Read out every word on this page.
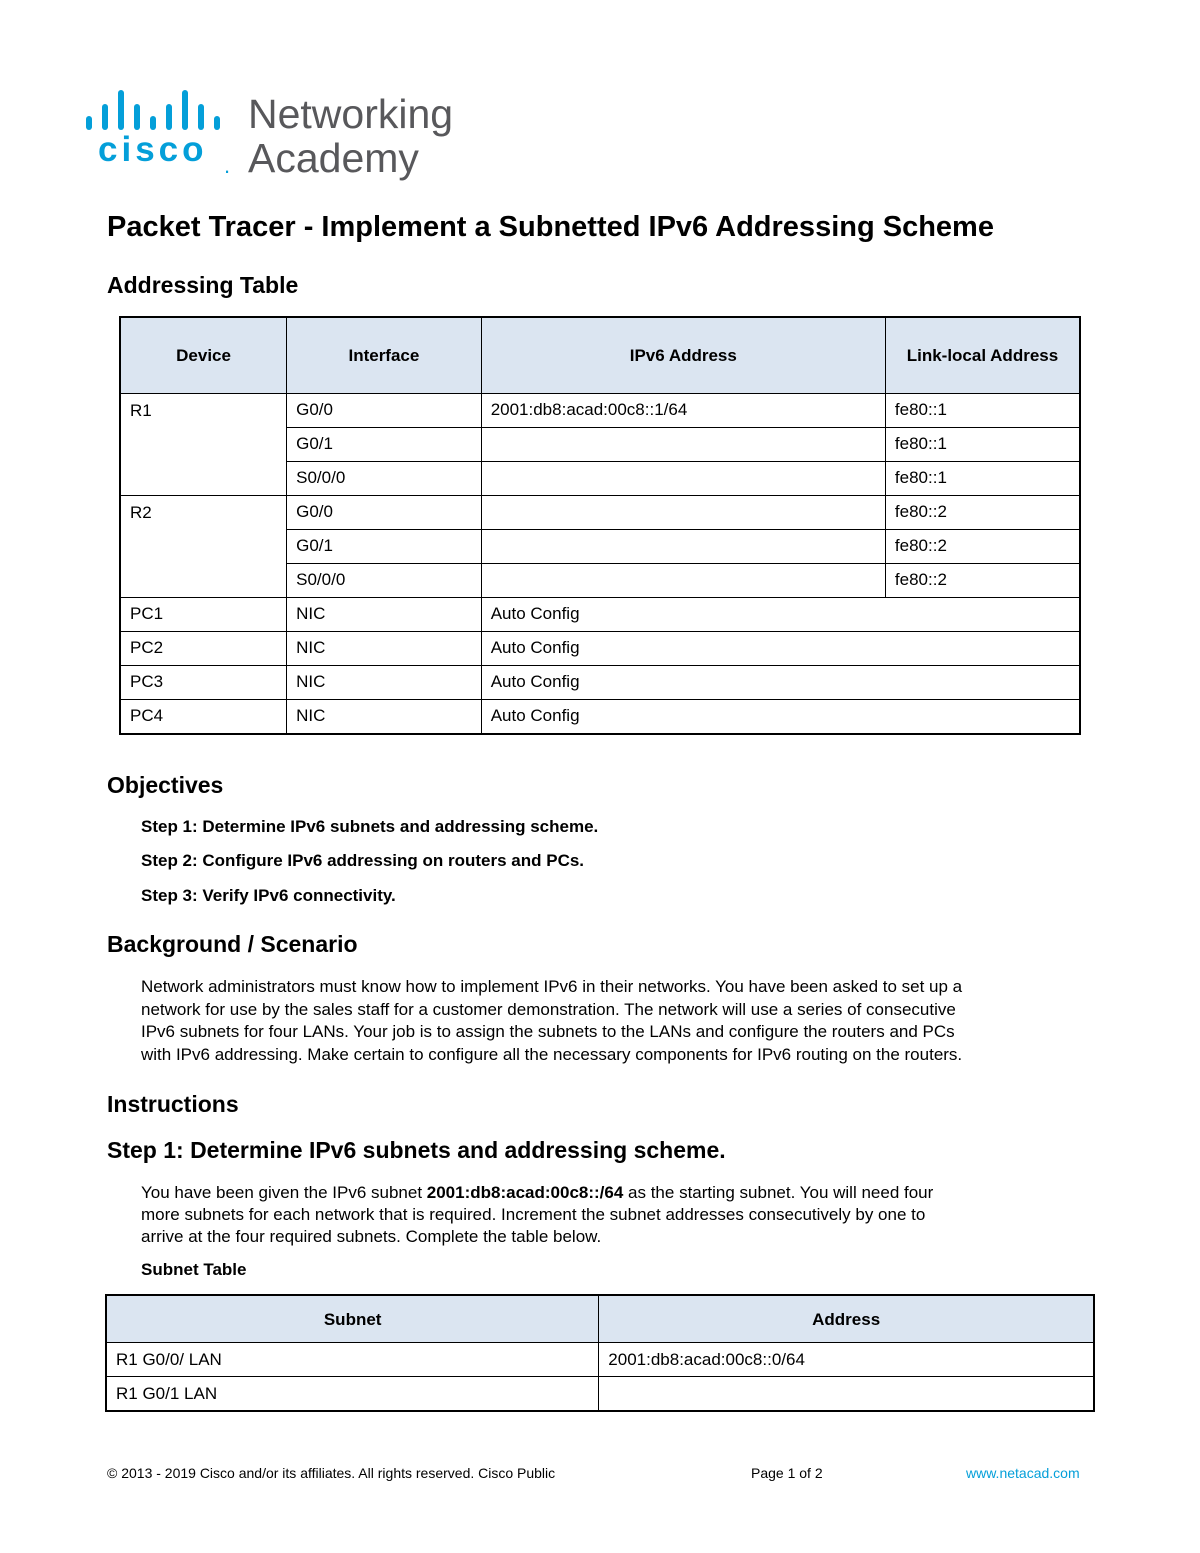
cisco .
Networking
Academy
Packet Tracer - Implement a Subnetted IPv6 Addressing Scheme
Addressing Table
Device	Interface	IPv6 Address	Link-local Address
R1	G0/0	2001:db8:acad:00c8::1/64	fe80::1
	G0/1		fe80::1
	S0/0/0		fe80::1
R2	G0/0		fe80::2
	G0/1		fe80::2
	S0/0/0		fe80::2
PC1	NIC	Auto Config	
PC2	NIC	Auto Config	
PC3	NIC	Auto Config	
PC4	NIC	Auto Config	
Objectives

Step 1: Determine IPv6 subnets and addressing scheme.

Step 2: Configure IPv6 addressing on routers and PCs.

Step 3: Verify IPv6 connectivity.

Background / Scenario

Network administrators must know how to implement IPv6 in their networks. You have been asked to set up a

network for use by the sales staff for a customer demonstration. The network will use a series of consecutive

IPv6 subnets for four LANs. Your job is to assign the subnets to the LANs and configure the routers and PCs

with IPv6 addressing. Make certain to configure all the necessary components for IPv6 routing on the routers.

Instructions
Step 1: Determine IPv6 subnets and addressing scheme.

You have been given the IPv6 subnet 2001:db8:acad:00c8::/64 as the starting subnet. You will need four

more subnets for each network that is required. Increment the subnet addresses consecutively by one to

arrive at the four required subnets. Complete the table below.

Subnet Table

Subnet	Address
R1 G0/0/ LAN	2001:db8:acad:00c8::0/64
R1 G0/1 LAN	
© 2013 - 2019 Cisco and/or its affiliates. All rights reserved. Cisco Public	Page 1 of 2	www.netacad.com
